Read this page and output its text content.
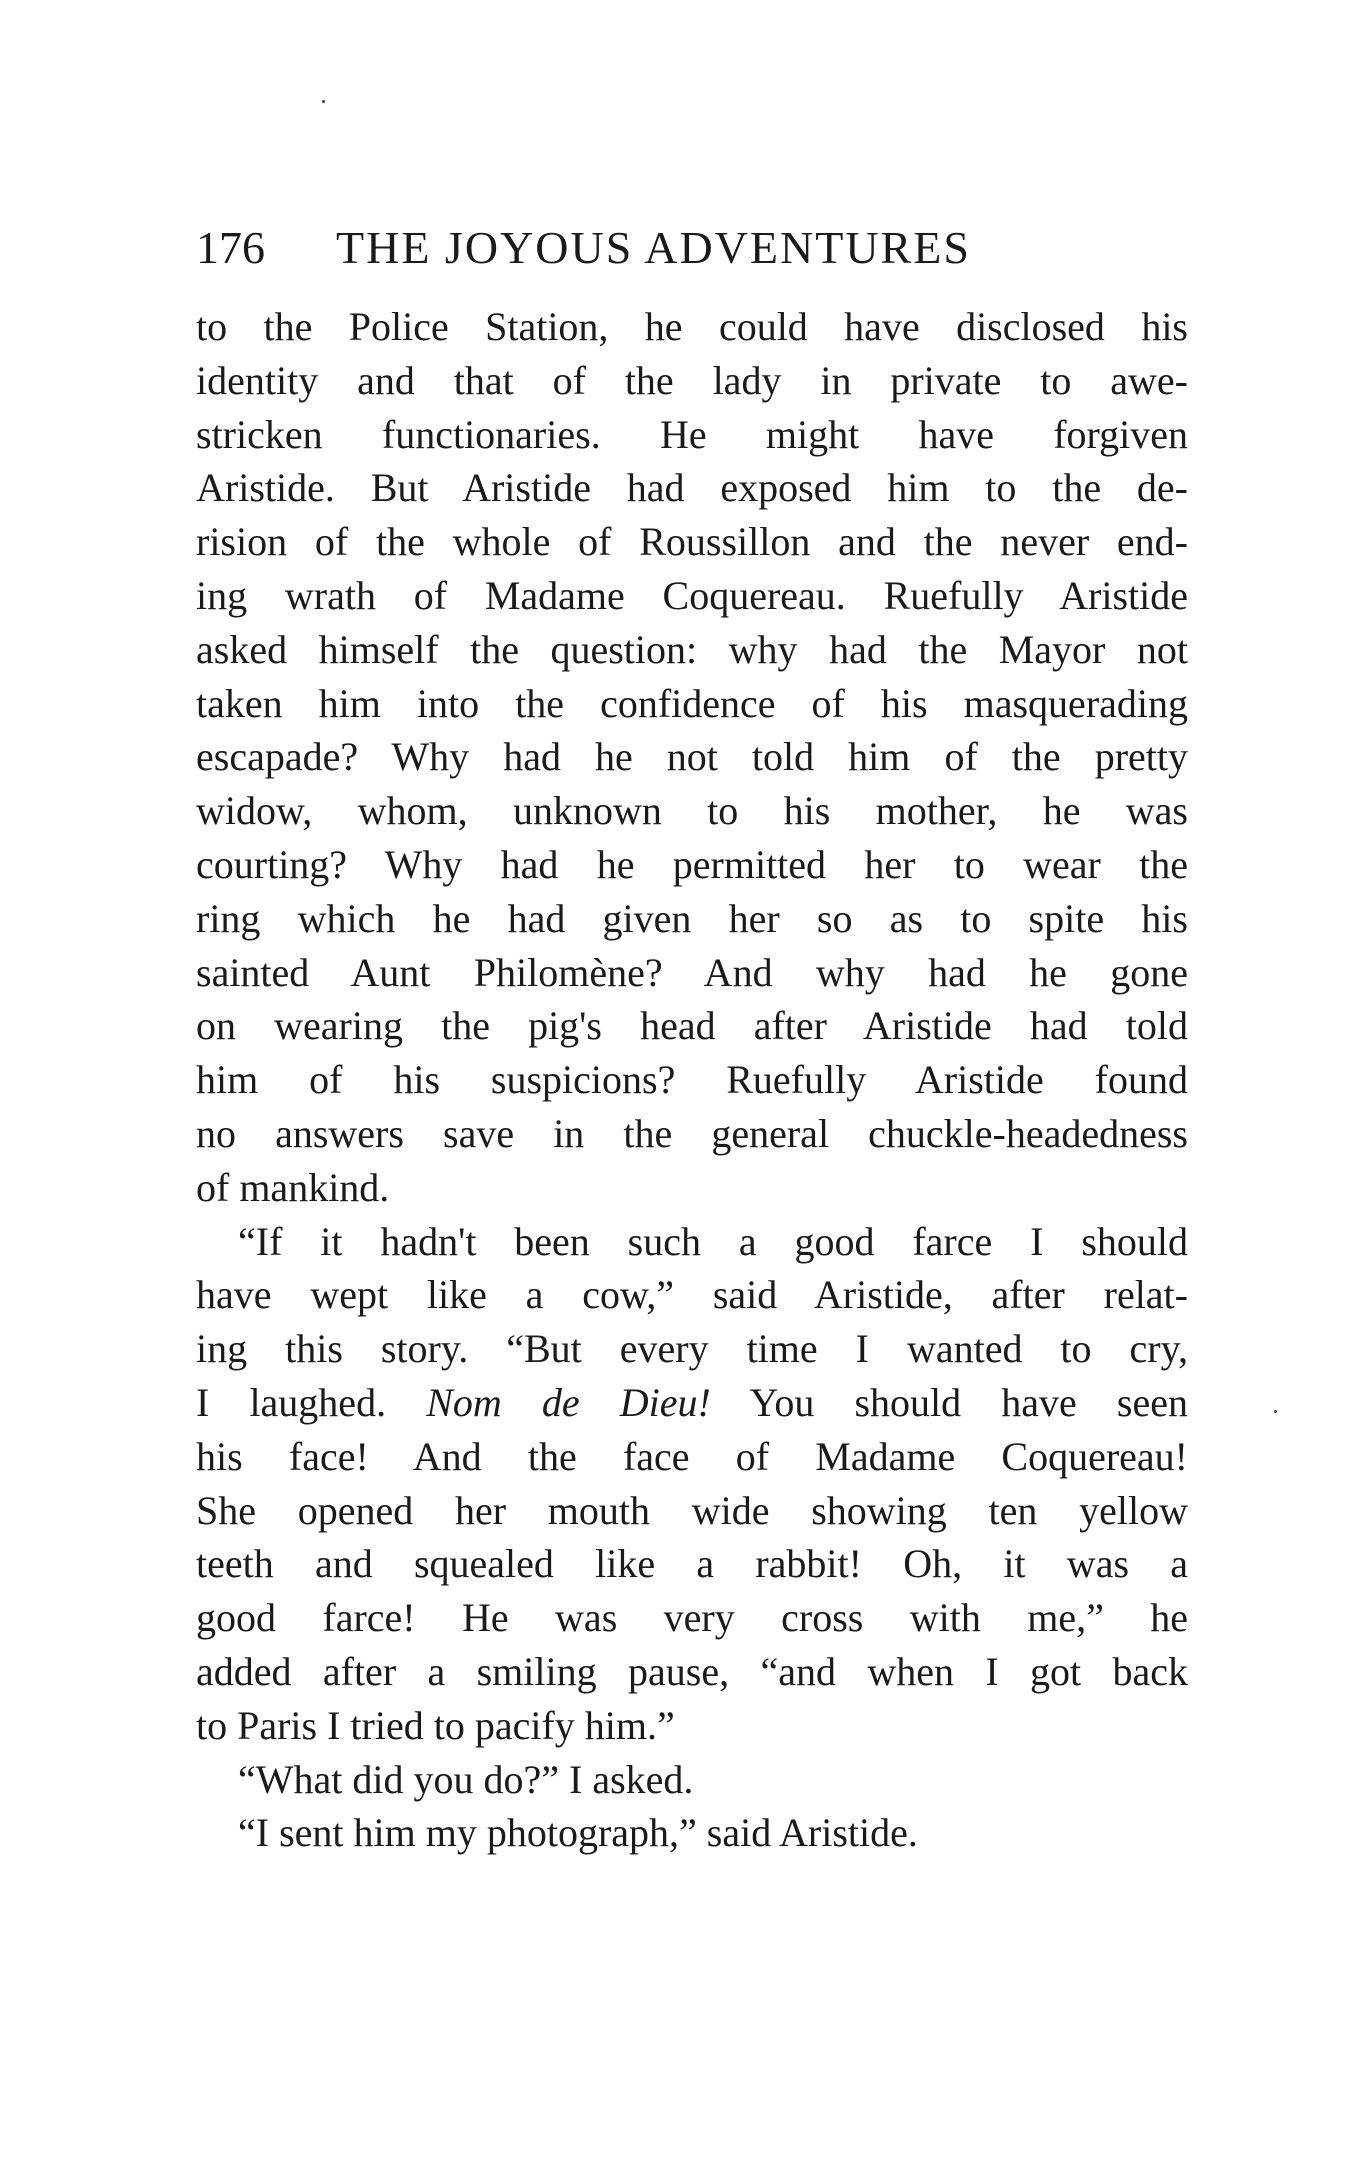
176 THE JOYOUS ADVENTURES
to the Police Station, he could have disclosed his
identity and that of the lady in private to awe-
stricken functionaries. He might have forgiven
Aristide. But Aristide had exposed him to the de-
rision of the whole of Roussillon and the never end-
ing wrath of Madame Coquereau. Ruefully Aristide
asked himself the question: why had the Mayor not
taken him into the confidence of his masquerading
escapade? Why had he not told him of the pretty
widow, whom, unknown to his mother, he was
courting? Why had he permitted her to wear the
ring which he had given her so as to spite his
sainted Aunt Philomène? And why had he gone
on wearing the pig's head after Aristide had told
him of his suspicions? Ruefully Aristide found
no answers save in the general chuckle-headedness
of mankind.
“If it hadn't been such a good farce I should
have wept like a cow,” said Aristide, after relat-
ing this story. “But every time I wanted to cry,
I laughed. Nom de Dieu! You should have seen
his face! And the face of Madame Coquereau!
She opened her mouth wide showing ten yellow
teeth and squealed like a rabbit! Oh, it was a
good farce! He was very cross with me,” he
added after a smiling pause, “and when I got back
to Paris I tried to pacify him.”
“What did you do?” I asked.
“I sent him my photograph,” said Aristide.
